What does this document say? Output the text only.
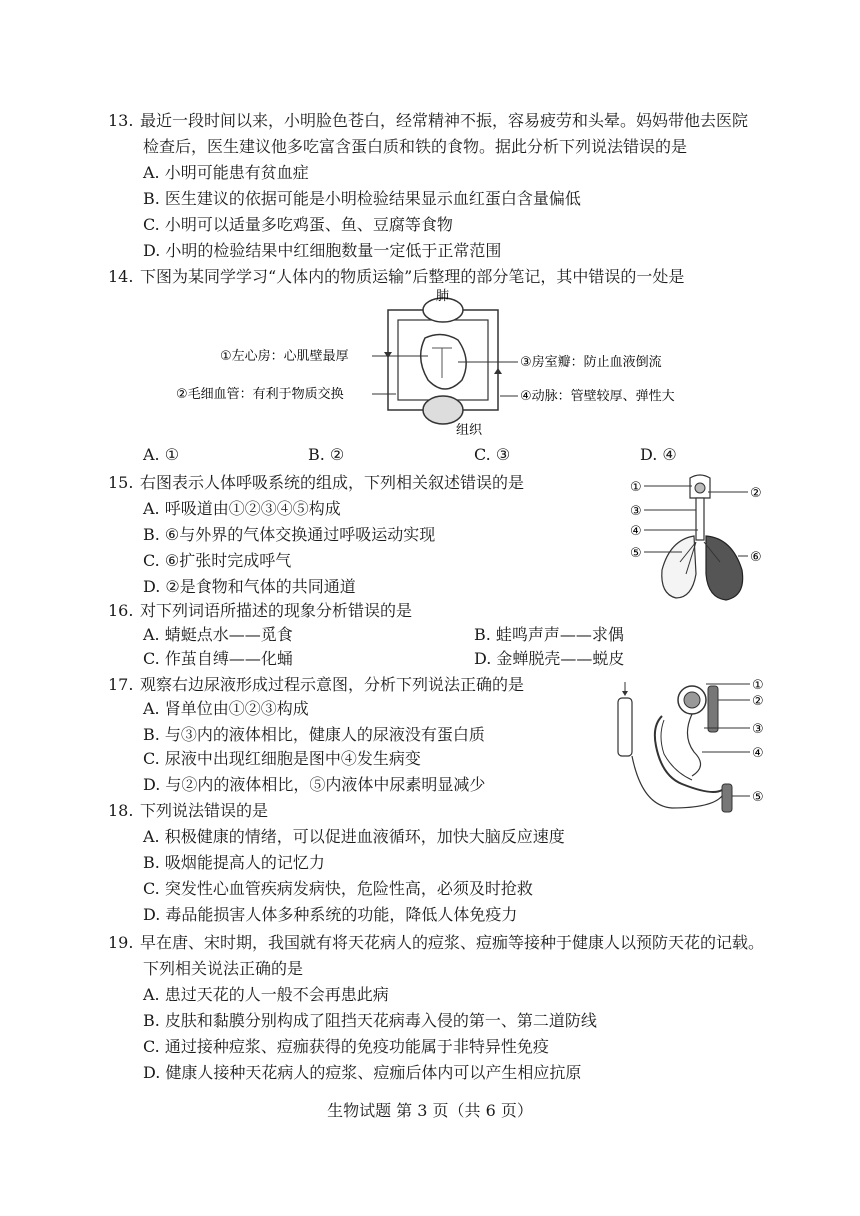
13. 最近一段时间以来，小明脸色苍白，经常精神不振，容易疲劳和头晕。妈妈带他去医院
检查后，医生建议他多吃富含蛋白质和铁的食物。据此分析下列说法错误的是
A. 小明可能患有贫血症
B. 医生建议的依据可能是小明检验结果显示血红蛋白含量偏低
C. 小明可以适量多吃鸡蛋、鱼、豆腐等食物
D. 小明的检验结果中红细胞数量一定低于正常范围
14. 下图为某同学学习“人体内的物质运输”后整理的部分笔记，其中错误的一处是
肺
组织
①左心房：心肌壁最厚
②毛细血管：有利于物质交换
③房室瓣：防止血液倒流
④动脉：管壁较厚、弹性大
A. ①	B. ②	C. ③	D. ④
15. 右图表示人体呼吸系统的组成，下列相关叙述错误的是
A. 呼吸道由①②③④⑤构成
B. ⑥与外界的气体交换通过呼吸运动实现
C. ⑥扩张时完成呼气
D. ②是食物和气体的共同通道
①	②
③
④
⑤	⑥
16. 对下列词语所描述的现象分析错误的是
A. 蜻蜓点水——觅食	B. 蛙鸣声声——求偶
C. 作茧自缚——化蛹	D. 金蝉脱壳——蜕皮
17. 观察右边尿液形成过程示意图，分析下列说法正确的是
A. 肾单位由①②③构成
B. 与③内的液体相比，健康人的尿液没有蛋白质
C. 尿液中出现红细胞是图中④发生病变
D. 与②内的液体相比，⑤内液体中尿素明显减少
①
②
③
④
⑤
18. 下列说法错误的是
A. 积极健康的情绪，可以促进血液循环，加快大脑反应速度
B. 吸烟能提高人的记忆力
C. 突发性心血管疾病发病快，危险性高，必须及时抢救
D. 毒品能损害人体多种系统的功能，降低人体免疫力
19. 早在唐、宋时期，我国就有将天花病人的痘浆、痘痂等接种于健康人以预防天花的记载。
下列相关说法正确的是
A. 患过天花的人一般不会再患此病
B. 皮肤和黏膜分别构成了阻挡天花病毒入侵的第一、第二道防线
C. 通过接种痘浆、痘痂获得的免疫功能属于非特异性免疫
D. 健康人接种天花病人的痘浆、痘痂后体内可以产生相应抗原
生物试题 第 3 页（共 6 页）
